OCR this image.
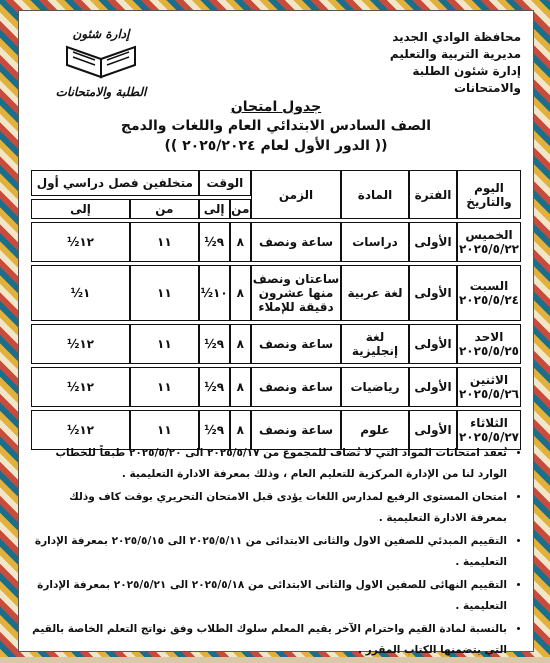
إدارة شئون
الطلبة والامتحانات
محافظة الوادي الجديد
مديرية التربية والتعليم
إدارة شئون الطلبة والامتحانات
جدول امتحان
الصف السادس الابتدائي العام واللغات والدمج
(( الدور الأول لعام ٢٠٢٥/٢٠٢٤ ))
اليوم والتاريخ	الفترة	المادة	الزمن	الوقت		متخلفين فصل دراسي أول	
				من	إلى	من	إلى

الخميس
٢٠٢٥/٥/٢٢	الأولى	دراسات	ساعة ونصف	٨	٩½	١١	١٢½

السبت
٢٠٢٥/٥/٢٤	الأولى	لغة عربية	ساعتان ونصف منها عشرون دقيقة للإملاء	٨	١٠½	١١	١½

الاحد
٢٠٢٥/٥/٢٥	الأولى	لغة إنجليزية	ساعة ونصف	٨	٩½	١١	١٢½

الاثنين
٢٠٢٥/٥/٢٦	الأولى	رياضيات	ساعة ونصف	٨	٩½	١١	١٢½

الثلاثاء
٢٠٢٥/٥/٢٧	الأولى	علوم	ساعة ونصف	٨	٩½	١١	١٢½
• تُعقد امتحانات المواد التي لا تُضاف للمجموع من ٢٠٢٥/٥/١٧ الى ٢٠٢٥/٥/٢٠ طبقاً للخطاب الوارد لنا من الإدارة المركزية للتعليم العام ، وذلك بمعرفة الادارة التعليمية .
• امتحان المستوى الرفيع لمدارس اللغات يؤدى قبل الامتحان التحريري بوقت كاف وذلك بمعرفة الادارة التعليمية .
• التقييم المبدئي للصفين الاول والثانى الابتدائى من ٢٠٢٥/٥/١١ الى ٢٠٢٥/٥/١٥ بمعرفة الإدارة التعليمية .
• التقييم النهائى للصفين الاول والثانى الابتدائى من ٢٠٢٥/٥/١٨ الى ٢٠٢٥/٥/٢١ بمعرفة الإدارة التعليمية .
• بالنسبة لمادة القيم واحترام الآخر يقيم المعلم سلوك الطلاب وفق نواتج التعلم الخاصة بالقيم التي يتضمنها الكتاب المقرر .
